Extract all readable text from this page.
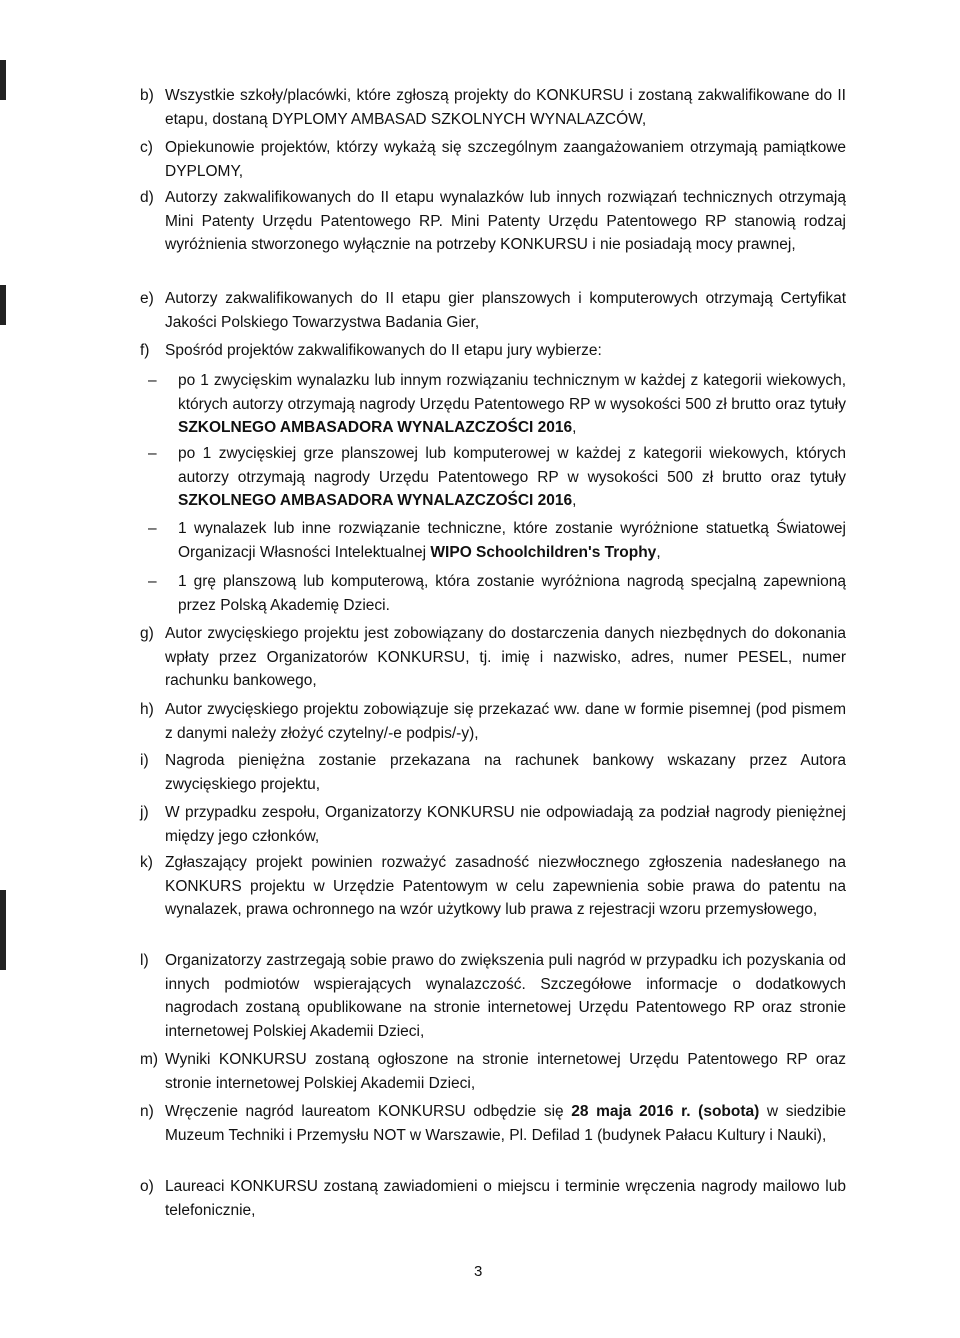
b) Wszystkie szkoły/placówki, które zgłoszą projekty do KONKURSU i zostaną zakwalifikowane do II etapu, dostaną DYPLOMY AMBASAD SZKOLNYCH WYNALAZCÓW,
c) Opiekunowie projektów, którzy wykażą się szczególnym zaangażowaniem otrzymają pamiątkowe DYPLOMY,
d) Autorzy zakwalifikowanych do II etapu wynalazków lub innych rozwiązań technicznych otrzymają Mini Patenty Urzędu Patentowego RP. Mini Patenty Urzędu Patentowego RP stanowią rodzaj wyróżnienia stworzonego wyłącznie na potrzeby KONKURSU i nie posiadają mocy prawnej,
e) Autorzy zakwalifikowanych do II etapu gier planszowych i komputerowych otrzymają Certyfikat Jakości Polskiego Towarzystwa Badania Gier,
f) Spośród projektów zakwalifikowanych do II etapu jury wybierze:
– po 1 zwycięskim wynalazku lub innym rozwiązaniu technicznym w każdej z kategorii wiekowych, których autorzy otrzymają nagrody Urzędu Patentowego RP w wysokości 500 zł brutto oraz tytuły SZKOLNEGO AMBASADORA WYNALAZCZOŚCI 2016,
– po 1 zwycięskiej grze planszowej lub komputerowej w każdej z kategorii wiekowych, których autorzy otrzymają nagrody Urzędu Patentowego RP w wysokości 500 zł brutto oraz tytuły SZKOLNEGO AMBASADORA WYNALAZCZOŚCI 2016,
– 1 wynalazek lub inne rozwiązanie techniczne, które zostanie wyróżnione statuetką Światowej Organizacji Własności Intelektualnej WIPO Schoolchildren's Trophy,
– 1 grę planszową lub komputerową, która zostanie wyróżniona nagrodą specjalną zapewnioną przez Polską Akademię Dzieci.
g) Autor zwycięskiego projektu jest zobowiązany do dostarczenia danych niezbędnych do dokonania wpłaty przez Organizatorów KONKURSU, tj. imię i nazwisko, adres, numer PESEL, numer rachunku bankowego,
h) Autor zwycięskiego projektu zobowiązuje się przekazać ww. dane w formie pisemnej (pod pismem z danymi należy złożyć czytelny/-e podpis/-y),
i) Nagroda pieniężna zostanie przekazana na rachunek bankowy wskazany przez Autora zwycięskiego projektu,
j) W przypadku zespołu, Organizatorzy KONKURSU nie odpowiadają za podział nagrody pieniężnej między jego członków,
k) Zgłaszający projekt powinien rozważyć zasadność niezwłocznego zgłoszenia nadesłanego na KONKURS projektu w Urzędzie Patentowym w celu zapewnienia sobie prawa do patentu na wynalazek, prawa ochronnego na wzór użytkowy lub prawa z rejestracji wzoru przemysłowego,
l) Organizatorzy zastrzegają sobie prawo do zwiększenia puli nagród w przypadku ich pozyskania od innych podmiotów wspierających wynalazczość. Szczegółowe informacje o dodatkowych nagrodach zostaną opublikowane na stronie internetowej Urzędu Patentowego RP oraz stronie internetowej Polskiej Akademii Dzieci,
m) Wyniki KONKURSU zostaną ogłoszone na stronie internetowej Urzędu Patentowego RP oraz stronie internetowej Polskiej Akademii Dzieci,
n) Wręczenie nagród laureatom KONKURSU odbędzie się 28 maja 2016 r. (sobota) w siedzibie Muzeum Techniki i Przemysłu NOT w Warszawie, Pl. Defilad 1 (budynek Pałacu Kultury i Nauki),
o) Laureaci KONKURSU zostaną zawiadomieni o miejscu i terminie wręczenia nagrody mailowo lub telefonicznie,
3
